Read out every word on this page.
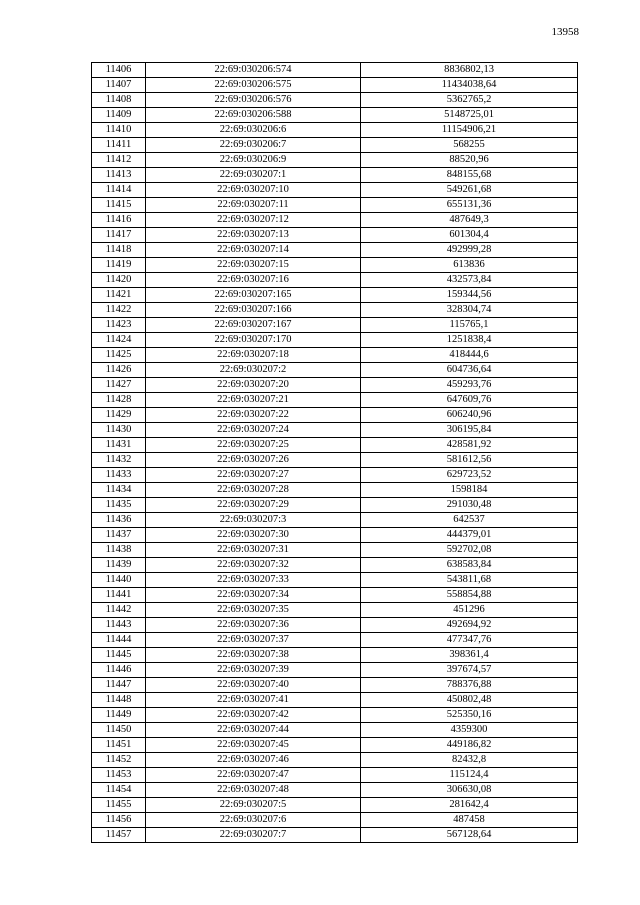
13958
11406	22:69:030206:574	8836802,13
11407	22:69:030206:575	11434038,64
11408	22:69:030206:576	5362765,2
11409	22:69:030206:588	5148725,01
11410	22:69:030206:6	11154906,21
11411	22:69:030206:7	568255
11412	22:69:030206:9	88520,96
11413	22:69:030207:1	848155,68
11414	22:69:030207:10	549261,68
11415	22:69:030207:11	655131,36
11416	22:69:030207:12	487649,3
11417	22:69:030207:13	601304,4
11418	22:69:030207:14	492999,28
11419	22:69:030207:15	613836
11420	22:69:030207:16	432573,84
11421	22:69:030207:165	159344,56
11422	22:69:030207:166	328304,74
11423	22:69:030207:167	115765,1
11424	22:69:030207:170	1251838,4
11425	22:69:030207:18	418444,6
11426	22:69:030207:2	604736,64
11427	22:69:030207:20	459293,76
11428	22:69:030207:21	647609,76
11429	22:69:030207:22	606240,96
11430	22:69:030207:24	306195,84
11431	22:69:030207:25	428581,92
11432	22:69:030207:26	581612,56
11433	22:69:030207:27	629723,52
11434	22:69:030207:28	1598184
11435	22:69:030207:29	291030,48
11436	22:69:030207:3	642537
11437	22:69:030207:30	444379,01
11438	22:69:030207:31	592702,08
11439	22:69:030207:32	638583,84
11440	22:69:030207:33	543811,68
11441	22:69:030207:34	558854,88
11442	22:69:030207:35	451296
11443	22:69:030207:36	492694,92
11444	22:69:030207:37	477347,76
11445	22:69:030207:38	398361,4
11446	22:69:030207:39	397674,57
11447	22:69:030207:40	788376,88
11448	22:69:030207:41	450802,48
11449	22:69:030207:42	525350,16
11450	22:69:030207:44	4359300
11451	22:69:030207:45	449186,82
11452	22:69:030207:46	82432,8
11453	22:69:030207:47	115124,4
11454	22:69:030207:48	306630,08
11455	22:69:030207:5	281642,4
11456	22:69:030207:6	487458
11457	22:69:030207:7	567128,64
